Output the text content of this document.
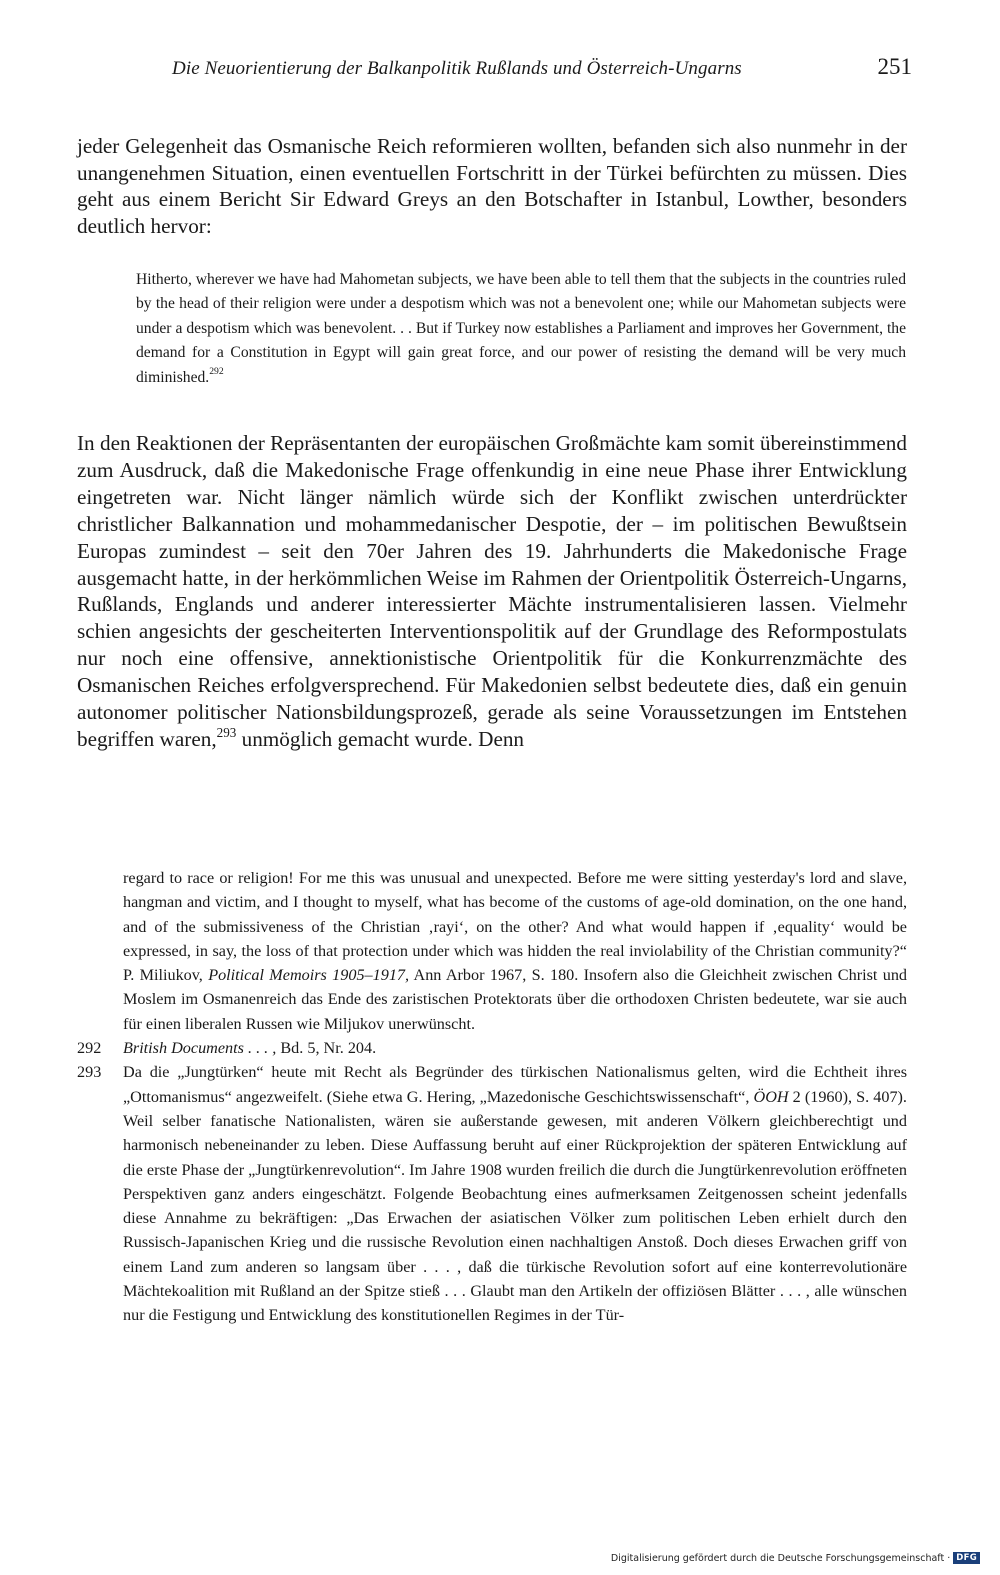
Die Neuorientierung der Balkanpolitik Rußlands und Österreich-Ungarns	251

jeder Gelegenheit das Osmanische Reich reformieren wollten, befanden sich also nunmehr in der unangenehmen Situation, einen eventuellen Fortschritt in der Türkei befürchten zu müssen. Dies geht aus einem Bericht Sir Edward Greys an den Botschafter in Istanbul, Lowther, besonders deutlich hervor:

Hitherto, wherever we have had Mahometan subjects, we have been able to tell them that the subjects in the countries ruled by the head of their religion were under a despotism which was not a benevolent one; while our Mahometan subjects were under a despotism which was benevolent. . . But if Turkey now establishes a Parliament and improves her Government, the demand for a Constitution in Egypt will gain great force, and our power of resisting the demand will be very much diminished.$^{292}$

In den Reaktionen der Repräsentanten der europäischen Großmächte kam somit übereinstimmend zum Ausdruck, daß die Makedonische Frage offenkundig in eine neue Phase ihrer Entwicklung eingetreten war. Nicht länger nämlich würde sich der Konflikt zwischen unterdrückter christlicher Balkannation und mohammedanischer Despotie, der – im politischen Bewußtsein Europas zumindest – seit den 70er Jahren des 19. Jahrhunderts die Makedonische Frage ausgemacht hatte, in der herkömmlichen Weise im Rahmen der Orientpolitik Österreich-Ungarns, Rußlands, Englands und anderer interessierter Mächte instrumentalisieren lassen. Vielmehr schien angesichts der gescheiterten Interventionspolitik auf der Grundlage des Reformpostulats nur noch eine offensive, annektionistische Orientpolitik für die Konkurrenzmächte des Osmanischen Reiches erfolgversprechend. Für Makedonien selbst bedeutete dies, daß ein genuin autonomer politischer Nationsbildungsprozeß, gerade als seine Voraussetzungen im Entstehen begriffen waren,$^{293}$ unmöglich gemacht wurde. Denn

regard to race or religion! For me this was unusual and unexpected. Before me were sitting yesterday's lord and slave, hangman and victim, and I thought to myself, what has become of the customs of age-old domination, on the one hand, and of the submissiveness of the Christian ‚rayi‘, on the other? And what would happen if ‚equality‘ would be expressed, in say, the loss of that protection under which was hidden the real inviolability of the Christian community?“ P. Miliukov, Political Memoirs 1905–1917, Ann Arbor 1967, S. 180. Insofern also die Gleichheit zwischen Christ und Moslem im Osmanenreich das Ende des zaristischen Protektorats über die orthodoxen Christen bedeutete, war sie auch für einen liberalen Russen wie Miljukov unerwünscht.

292	British Documents . . . , Bd. 5, Nr. 204.

293	Da die „Jungtürken“ heute mit Recht als Begründer des türkischen Nationalismus gelten, wird die Echtheit ihres „Ottomanismus“ angezweifelt. (Siehe etwa G. Hering, „Mazedonische Geschichtswissenschaft“, ÖOH 2 (1960), S. 407). Weil selber fanatische Nationalisten, wären sie außerstande gewesen, mit anderen Völkern gleichberechtigt und harmonisch nebeneinander zu leben. Diese Auffassung beruht auf einer Rückprojektion der späteren Entwicklung auf die erste Phase der „Jungtürkenrevolution“. Im Jahre 1908 wurden freilich die durch die Jungtürkenrevolution eröffneten Perspektiven ganz anders eingeschätzt. Folgende Beobachtung eines aufmerksamen Zeitgenossen scheint jedenfalls diese Annahme zu bekräftigen: „Das Erwachen der asiatischen Völker zum politischen Leben erhielt durch den Russisch-Japanischen Krieg und die russische Revolution einen nachhaltigen Anstoß. Doch dieses Erwachen griff von einem Land zum anderen so langsam über . . . , daß die türkische Revolution sofort auf eine konterrevolutionäre Mächtekoalition mit Rußland an der Spitze stieß . . . Glaubt man den Artikeln der offiziösen Blätter . . . , alle wünschen nur die Festigung und Entwicklung des konstitutionellen Regimes in der Tür-

Digitalisierung gefördert durch die Deutsche Forschungsgemeinschaft · DFG
